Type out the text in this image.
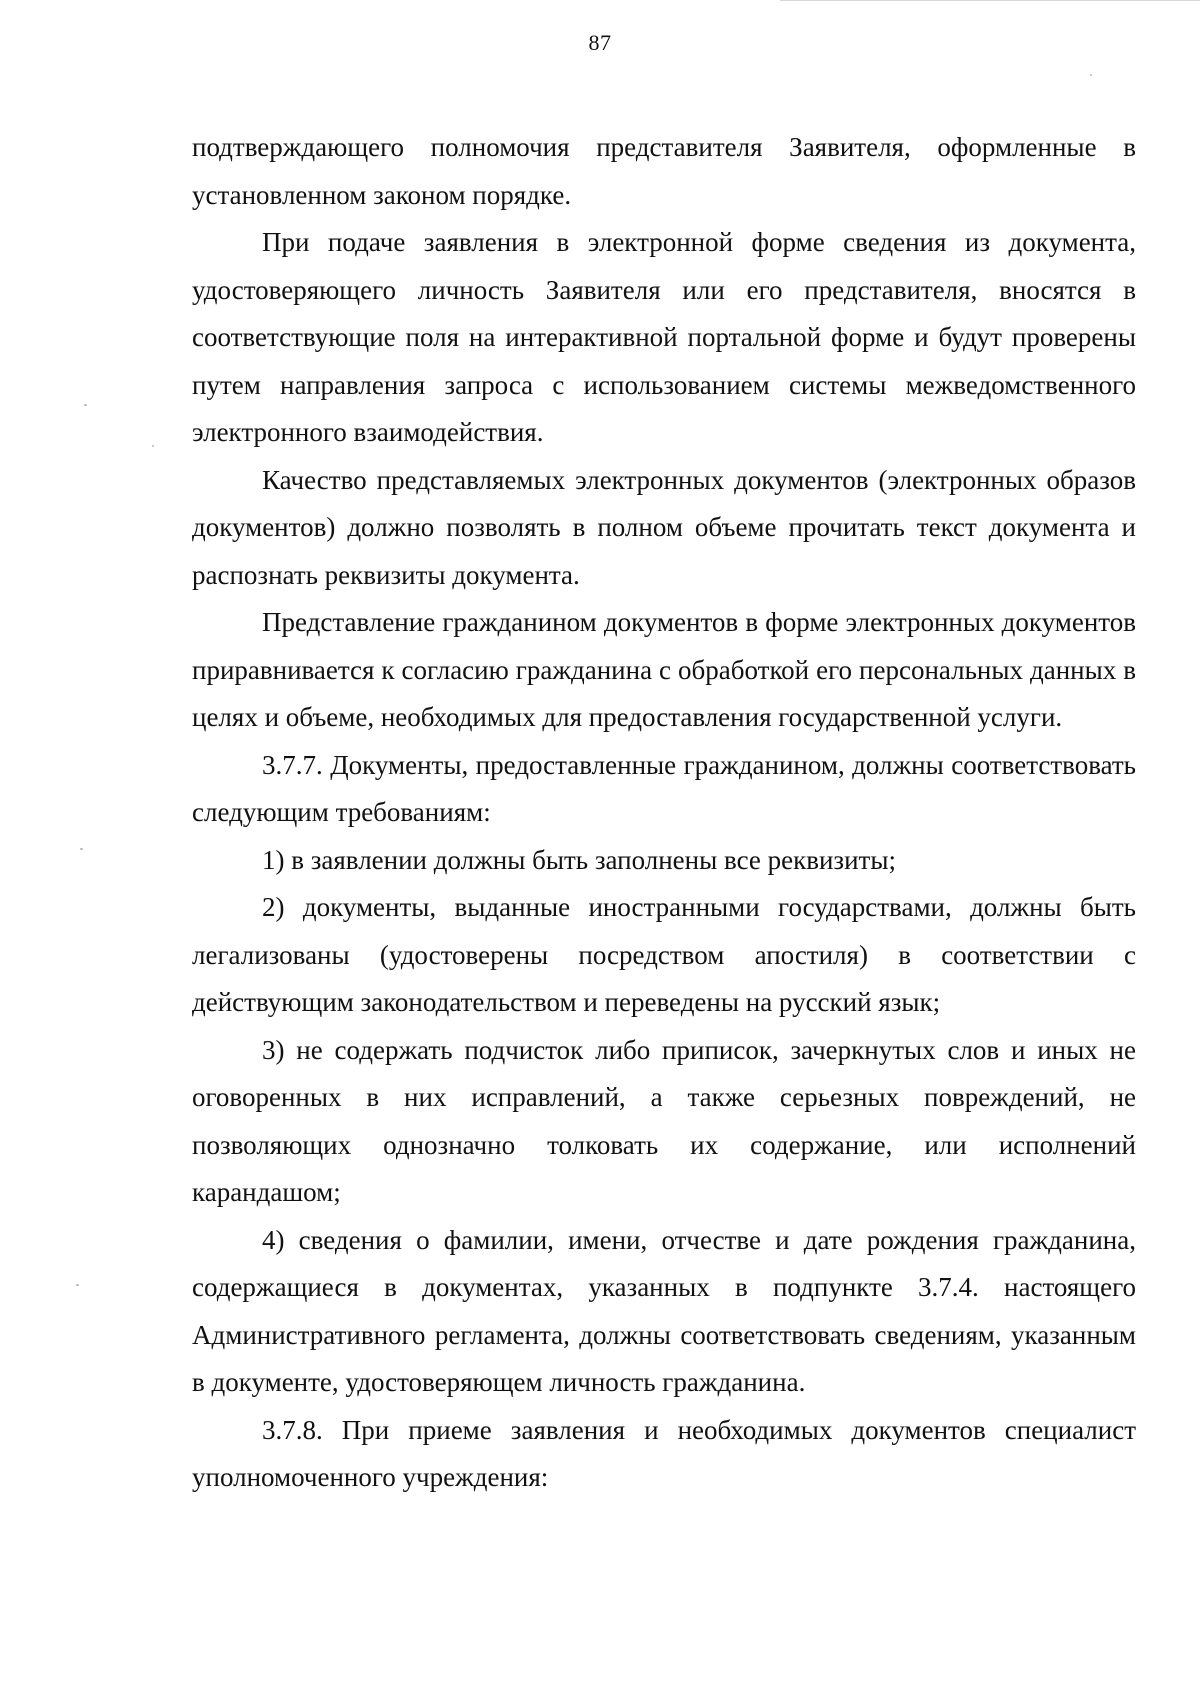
87

подтверждающего полномочия представителя Заявителя, оформленные в установленном законом порядке.

При подаче заявления в электронной форме сведения из документа, удостоверяющего личность Заявителя или его представителя, вносятся в соответствующие поля на интерактивной портальной форме и будут проверены путем направления запроса с использованием системы межведомственного электронного взаимодействия.

Качество представляемых электронных документов (электронных образов документов) должно позволять в полном объеме прочитать текст документа и распознать реквизиты документа.

Представление гражданином документов в форме электронных документов приравнивается к согласию гражданина с обработкой его персональных данных в целях и объеме, необходимых для предоставления государственной услуги.

3.7.7. Документы, предоставленные гражданином, должны соответствовать следующим требованиям:

1) в заявлении должны быть заполнены все реквизиты;

2) документы, выданные иностранными государствами, должны быть легализованы (удостоверены посредством апостиля) в соответствии с действующим законодательством и переведены на русский язык;

3) не содержать подчисток либо приписок, зачеркнутых слов и иных не оговоренных в них исправлений, а также серьезных повреждений, не позволяющих однозначно толковать их содержание, или исполнений карандашом;

4) сведения о фамилии, имени, отчестве и дате рождения гражданина, содержащиеся в документах, указанных в подпункте 3.7.4. настоящего Административного регламента, должны соответствовать сведениям, указанным в документе, удостоверяющем личность гражданина.

3.7.8. При приеме заявления и необходимых документов специалист уполномоченного учреждения:
